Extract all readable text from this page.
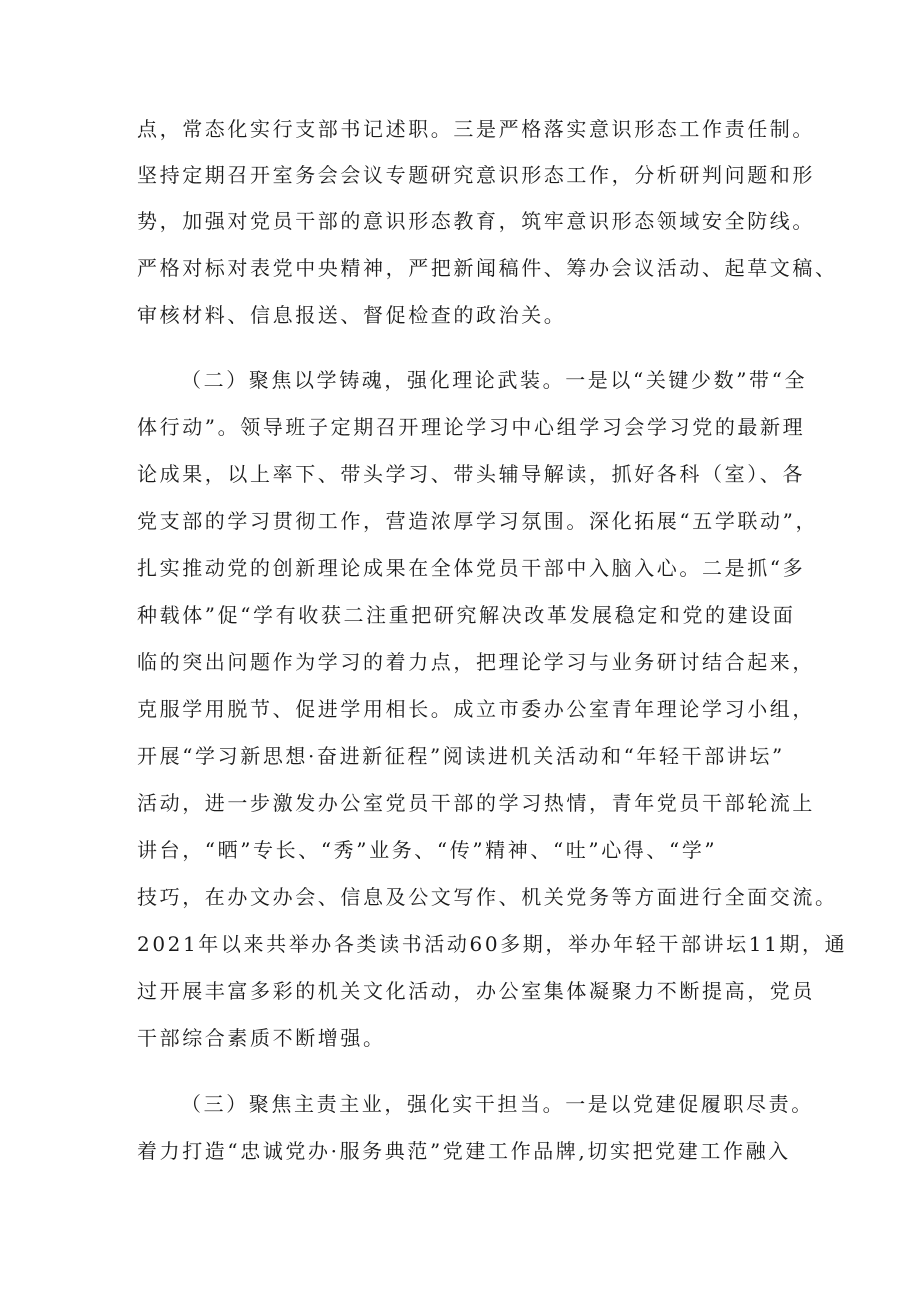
点，常态化实行支部书记述职。三是严格落实意识形态工作责任制。
坚持定期召开室务会会议专题研究意识形态工作，分析研判问题和形
势，加强对党员干部的意识形态教育，筑牢意识形态领域安全防线。
严格对标对表党中央精神，严把新闻稿件、筹办会议活动、起草文稿、
审核材料、信息报送、督促检查的政治关。
（二）聚焦以学铸魂，强化理论武装。一是以“关键少数”带“全
体行动”。领导班子定期召开理论学习中心组学习会学习党的最新理
论成果，以上率下、带头学习、带头辅导解读，抓好各科（室）、各
党支部的学习贯彻工作，营造浓厚学习氛围。深化拓展“五学联动”，
扎实推动党的创新理论成果在全体党员干部中入脑入心。二是抓“多
种载体”促“学有收获二注重把研究解决改革发展稳定和党的建设面
临的突出问题作为学习的着力点，把理论学习与业务研讨结合起来，
克服学用脱节、促进学用相长。成立市委办公室青年理论学习小组，
开展“学习新思想·奋进新征程”阅读进机关活动和“年轻干部讲坛”
活动，进一步激发办公室党员干部的学习热情，青年党员干部轮流上
讲台，“晒”专长、“秀”业务、“传”精神、“吐”心得、“学”
技巧，在办文办会、信息及公文写作、机关党务等方面进行全面交流。
2021年以来共举办各类读书活动60多期，举办年轻干部讲坛11期，通
过开展丰富多彩的机关文化活动，办公室集体凝聚力不断提高，党员
干部综合素质不断增强。
（三）聚焦主责主业，强化实干担当。一是以党建促履职尽责。
着力打造“忠诚党办·服务典范”党建工作品牌,切实把党建工作融入
